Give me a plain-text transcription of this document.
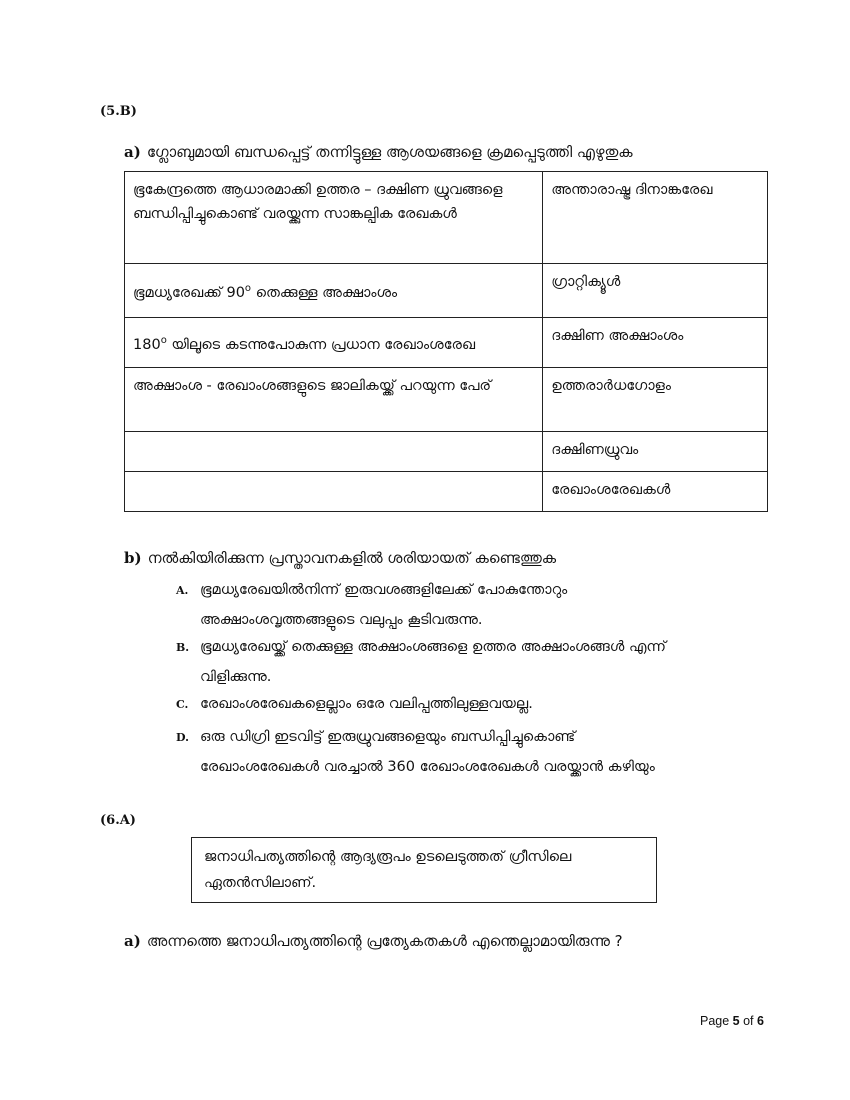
(5.B)
a) ഗ്ലോബുമായി ബന്ധപ്പെട്ട് തന്നിട്ടുള്ള ആശയങ്ങളെ ക്രമപ്പെടുത്തി എഴുതുക
ഭൂകേന്ദ്രത്തെ ആധാരമാക്കി ഉത്തര – ദക്ഷിണ ധ്രുവങ്ങളെ ബന്ധിപ്പിച്ചുകൊണ്ട് വരയ്ക്കുന്ന സാങ്കല്പിക രേഖകൾ	അന്താരാഷ്ട്ര ദിനാങ്കരേഖ
ഭൂമധ്യരേഖക്ക് 90$^o$ തെക്കുള്ള അക്ഷാംശം	ഗ്രാറ്റിക്യൂൾ
180$^o$ യിലൂടെ കടന്നുപോകുന്ന പ്രധാന രേഖാംശരേഖ	ദക്ഷിണ അക്ഷാംശം
അക്ഷാംശ - രേഖാംശങ്ങളുടെ ജാലികയ്ക്ക് പറയുന്ന പേര്	ഉത്തരാർധഗോളം
	ദക്ഷിണധ്രുവം
	രേഖാംശരേഖകൾ
b) നൽകിയിരിക്കുന്ന പ്രസ്താവനകളിൽ ശരിയായത് കണ്ടെത്തുക
A. ഭൂമധ്യരേഖയിൽനിന്ന് ഇരുവശങ്ങളിലേക്ക് പോകുന്തോറും
അക്ഷാംശവൃത്തങ്ങളുടെ വലുപ്പം കൂടിവരുന്നു.
B. ഭൂമധ്യരേഖയ്ക്ക് തെക്കുള്ള അക്ഷാംശങ്ങളെ ഉത്തര അക്ഷാംശങ്ങൾ എന്ന്
വിളിക്കുന്നു.
C. രേഖാംശരേഖകളെല്ലാം ഒരേ വലിപ്പത്തിലുള്ളവയല്ല.
D. ഒരു ഡിഗ്രി ഇടവിട്ട് ഇരുധ്രുവങ്ങളെയും ബന്ധിപ്പിച്ചുകൊണ്ട്
രേഖാംശരേഖകൾ വരച്ചാൽ 360 രേഖാംശരേഖകൾ വരയ്ക്കാൻ കഴിയും
(6.A)
ജനാധിപത്യത്തിന്റെ ആദ്യരൂപം ഉടലെടുത്തത് ഗ്രീസിലെ
ഏതൻസിലാണ്.
a) അന്നത്തെ ജനാധിപത്യത്തിന്റെ പ്രത്യേകതകൾ എന്തെല്ലാമായിരുന്നു ?
Page 5 of 6
